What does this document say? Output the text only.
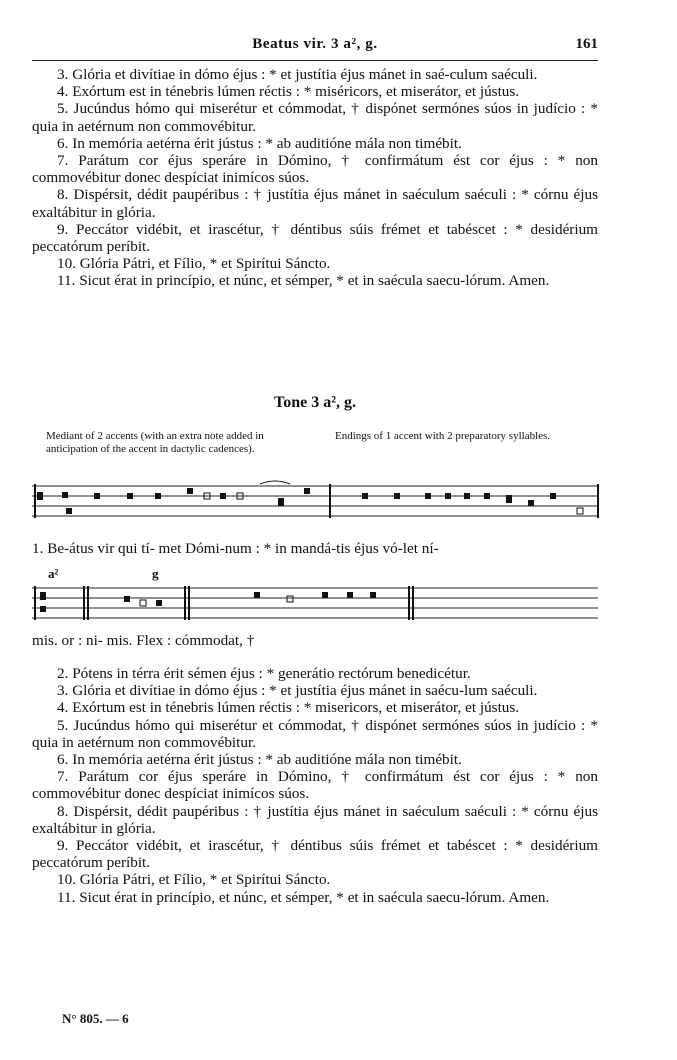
Beatus vir. 3 a², g.	161

3. Glória et divítiae in dómo éjus : * et justítia éjus mánet in saé-culum saéculi.

4. Exórtum est in ténebris lúmen réctis : * miséricors, et miserátor, et jústus.

5. Jucúndus hómo qui miserétur et cómmodat, † dispónet sermónes súos in judício : * quia in aetérnum non commovébitur.

6. In memória aetérna érit jústus : * ab auditióne mála non timébit.

7. Parátum cor éjus speráre in Dómino, † confirmátum ést cor éjus : * non commovébitur donec despíciat inimícos súos.

8. Dispérsit, dédit paupéribus : † justítia éjus mánet in saéculum saéculi : * córnu éjus exaltábitur in glória.

9. Peccátor vidébit, et irascétur, † déntibus súis frémet et tabéscet : * desidérium peccatórum períbit.

10. Glória Pátri, et Fílio, * et Spirítui Sáncto.

11. Sicut érat in princípio, et núnc, et sémper, * et in saécula saecu-lórum. Amen.

Tone 3 a², g.
Mediant of 2 accents (with an extra note added in anticipation of the accent in dactylic cadences).
Endings of 1 accent with 2 preparatory syllables.
1. Be-átus vir qui tí- met Dómi-num : * in mandá-tis éjus vó-let ní-
a²	g
mis. or : ni- mis. Flex : cómmodat, †

2. Pótens in térra érit sémen éjus : * generátio rectórum benedicétur.

3. Glória et divítiae in dómo éjus : * et justítia éjus mánet in saécu-lum saéculi.

4. Exórtum est in ténebris lúmen réctis : * misericors, et miserátor, et jústus.

5. Jucúndus hómo qui miserétur et cómmodat, † dispónet sermónes súos in judício : * quia in aetérnum non commovébitur.

6. In memória aetérna érit jústus : * ab auditióne mála non timébit.

7. Parátum cor éjus speráre in Dómino, † confirmátum ést cor éjus : * non commovébitur donec despíciat inimícos súos.

8. Dispérsit, dédit paupéribus : † justítia éjus mánet in saéculum saéculi : * córnu éjus exaltábitur in glória.

9. Peccátor vidébit, et irascétur, † déntibus súis frémet et tabéscet : * desidérium peccatórum períbit.

10. Glória Pátri, et Fílio, * et Spirítui Sáncto.

11. Sicut érat in princípio, et núnc, et sémper, * et in saécula saecu-lórum. Amen.

N° 805. — 6
